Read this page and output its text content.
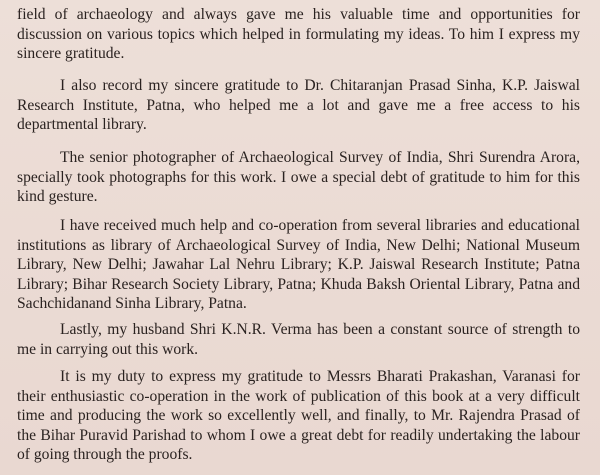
field of archaeology and always gave me his valuable time and opportunities for discussion on various topics which helped in formulating my ideas. To him I express my sincere gratitude.

I also record my sincere gratitude to Dr. Chitaranjan Prasad Sinha, K.P. Jaiswal Research Institute, Patna, who helped me a lot and gave me a free access to his departmental library.

The senior photographer of Archaeological Survey of India, Shri Surendra Arora, specially took photographs for this work. I owe a special debt of gratitude to him for this kind gesture.

I have received much help and co-operation from several libraries and educational institutions as library of Archaeological Survey of India, New Delhi; National Museum Library, New Delhi; Jawahar Lal Nehru Library; K.P. Jaiswal Research Institute; Patna Library; Bihar Research Society Library, Patna; Khuda Baksh Oriental Library, Patna and Sachchidanand Sinha Library, Patna.

Lastly, my husband Shri K.N.R. Verma has been a constant source of strength to me in carrying out this work.

It is my duty to express my gratitude to Messrs Bharati Prakashan, Varanasi for their enthusiastic co-operation in the work of publication of this book at a very difficult time and producing the work so excellently well, and finally, to Mr. Rajendra Prasad of the Bihar Puravid Parishad to whom I owe a great debt for readily undertaking the labour of going through the proofs.
